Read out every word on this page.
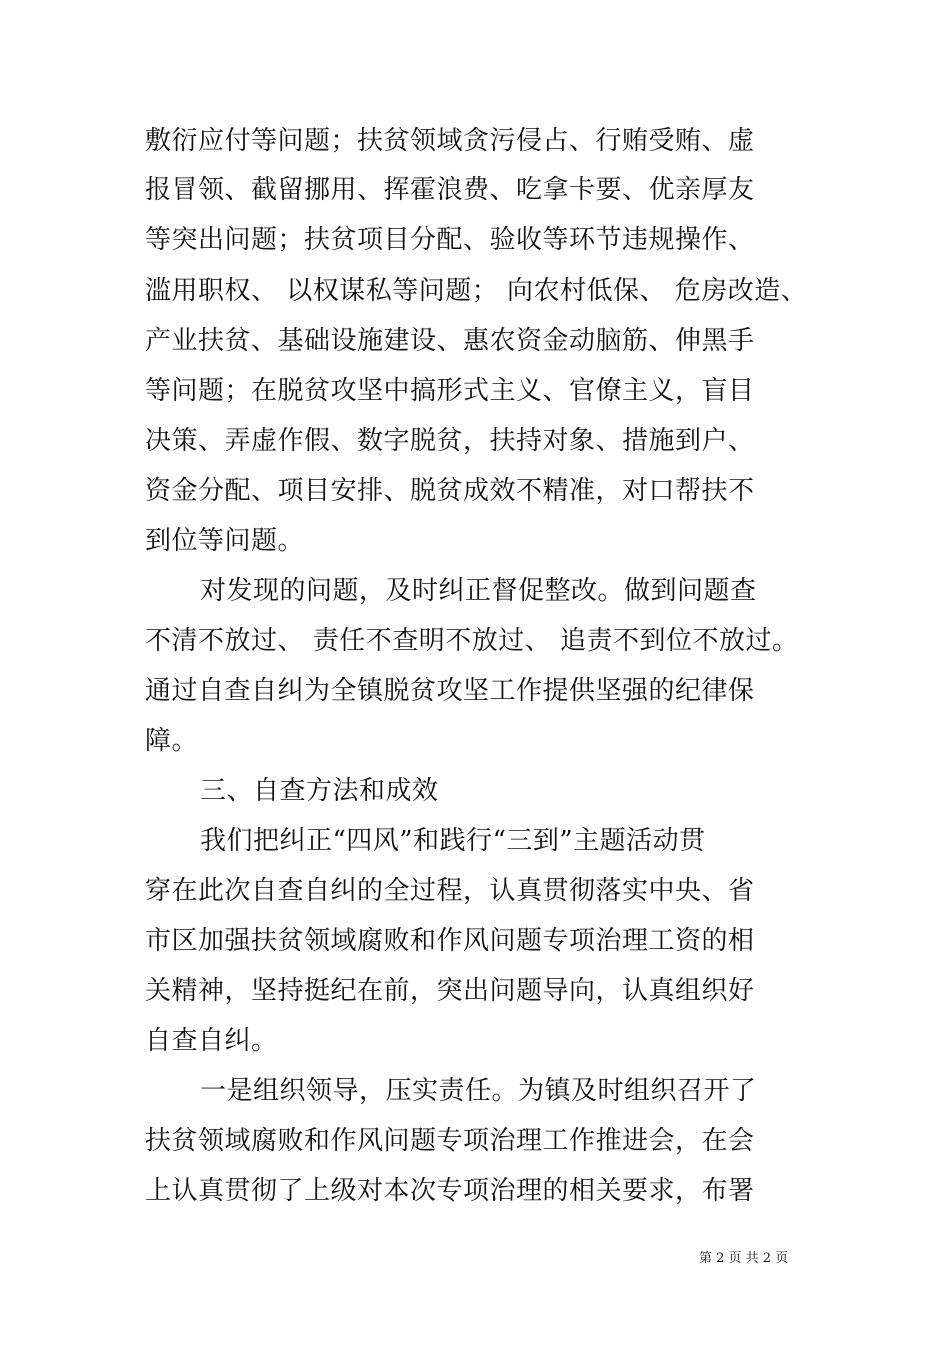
敷衍应付等问题；扶贫领域贪污侵占、行贿受贿、虚
报冒领、截留挪用、挥霍浪费、吃拿卡要、优亲厚友
等突出问题；扶贫项目分配、验收等环节违规操作、
滥用职权、 以权谋私等问题； 向农村低保、 危房改造、
产业扶贫、基础设施建设、惠农资金动脑筋、伸黑手
等问题；在脱贫攻坚中搞形式主义、官僚主义，盲目
决策、弄虚作假、数字脱贫，扶持对象、措施到户、
资金分配、项目安排、脱贫成效不精准，对口帮扶不
到位等问题。
对发现的问题，及时纠正督促整改。做到问题查
不清不放过、 责任不查明不放过、 追责不到位不放过。
通过自查自纠为全镇脱贫攻坚工作提供坚强的纪律保
障。
三、自查方法和成效
我们把纠正“四风”和践行“三到”主题活动贯
穿在此次自查自纠的全过程，认真贯彻落实中央、省
市区加强扶贫领域腐败和作风问题专项治理工资的相
关精神，坚持挺纪在前，突出问题导向，认真组织好
自查自纠。
一是组织领导，压实责任。为镇及时组织召开了
扶贫领域腐败和作风问题专项治理工作推进会，在会
上认真贯彻了上级对本次专项治理的相关要求，布署
第 2 页 共 2 页
